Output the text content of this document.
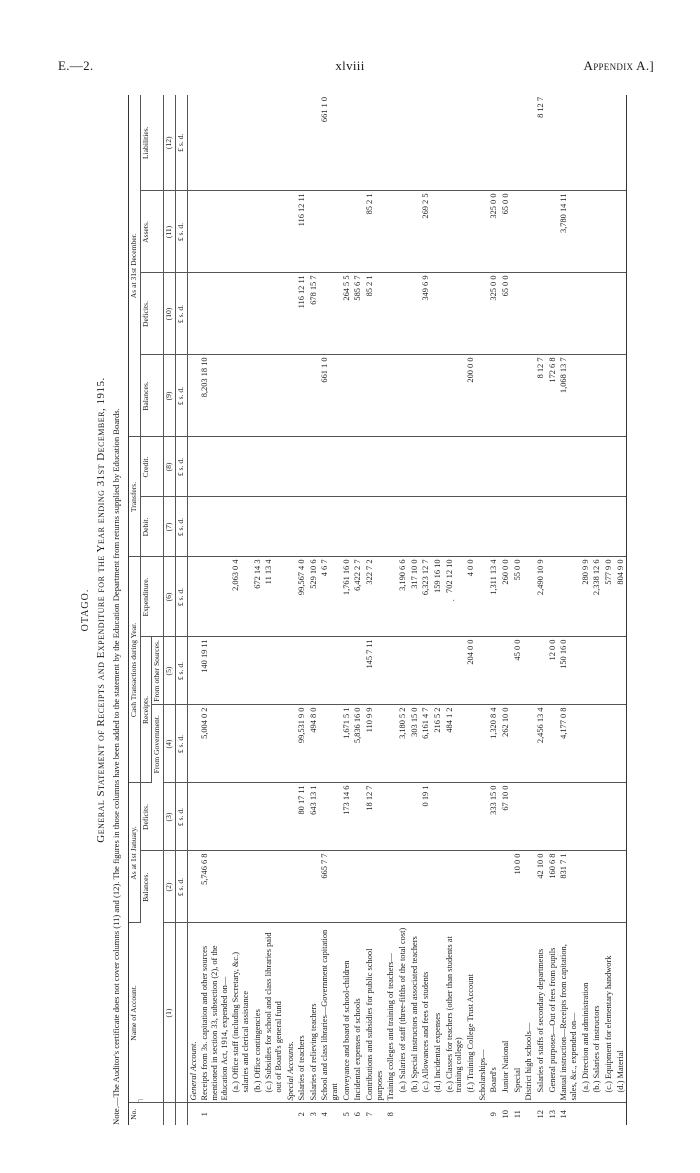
E.—2.	xlviii	Appendix A.]
OTAGO. General Statement of Receipts and Expenditure for the Year ending 31st December, 1915. Note.—The Auditor's certificate does not cover columns (11) and (12). The figures in those columns have been added to the statement by the Education Department from returns supplied by Education Boards. No.	Name of Account.	As at 1st January.		Cash Transactions during Year.			Transfers.		As at 31st December.			
		Balances.	Deficits.	Receipts.		Expenditure.	Debit.	Credit.	Balances.	Deficits.	Assets.	Liabilities.
				From Government.	From other Sources.							
	(1)	(2)	(3)	(4)	(5)	(6)	(7)	(8)	(9)	(10)	(11)	(12)
		£ s. d.	£ s. d.	£ s. d.	£ s. d.	£ s. d.	£ s. d.	£ s. d.	£ s. d.	£ s. d.	£ s. d.	£ s. d.
	General Account.											
1	Receipts from 3s. capitation and other sources mentioned in section 33, subsection (2), of the Education Act, 1914, expended on—	5,746 6 8		5,004 0 2	140 19 11				8,203 18 10			
	(a.) Office staff (including Secretary, &c.) salaries and clerical assistance					2,063 0 4						
	(b.) Office contingencies					672 14 3						
	(c.) Subsidies for school and class libraries paid out of Board's general fund					11 13 4						
	Special Accounts.											
2	Salaries of teachers		80 17 11	99,531 9 0		99,567 4 0				116 12 11	116 12 11	
3	Salaries of relieving teachers		643 13 1	494 8 0		529 10 6				678 15 7		
4	School and class libraries—Government capitation grant	665 7 7				4 6 7			661 1 0			661 1 0
5	Conveyance and board of school-children		173 14 6	1,671 5 1		1,761 16 0				264 5 5		
6	Incidental expenses of schools			5,836 16 0		6,422 2 7				585 6 7		
7	Contributions and subsidies for public school purposes		18 12 7	110 9 9	145 7 11	322 7 2				85 2 1	85 2 1	
8	Training colleges and training of teachers—											
	(a.) Salaries of staff (three-fifths of the total cost)			3,180 5 2		3,190 6 6						
	(b.) Special instructors and associated teachers			303 15 0		317 10 0						
	(c.) Allowances and fees of students		0 19 1	6,161 4 7		6,323 12 7				349 6 9	269 2 5	
	(d.) Incidental expenses			216 5 2		159 16 10						
	(e.) Classes for teachers (other than students at training college)			484 1 2		702 12 10						
	(f.) Training College Trust Account				204 0 0	4 0 0			200 0 0			
	Scholarships—											
9	Board's		333 15 0	1,320 8 4		1,311 13 4				325 0 0	325 0 0	
10	Junior National		67 10 0	262 10 0		260 0 0				65 0 0	65 0 0	
11	Special	10 0 0			45 0 0	55 0 0						
	District high schools—											
12	Salaries of staffs of secondary departments	42 10 0		2,456 13 4		2,490 10 9			8 12 7			8 12 7
13	General purposes—Out of fees from pupils	160 6 8			12 0 0				172 6 8			
14	Manual instruction—Receipts from capitation, sales, &c., expended on—	831 7 1		4,177 0 8	150 16 0				1,068 13 7		3,780 14 11	
	(a.) Direction and administration					280 9 9						
	(b.) Salaries of instructors					2,338 12 6						
	(c.) Equipment for elementary handwork					577 9 0						
	(d.) Material					804 9 0						
·
⌐
